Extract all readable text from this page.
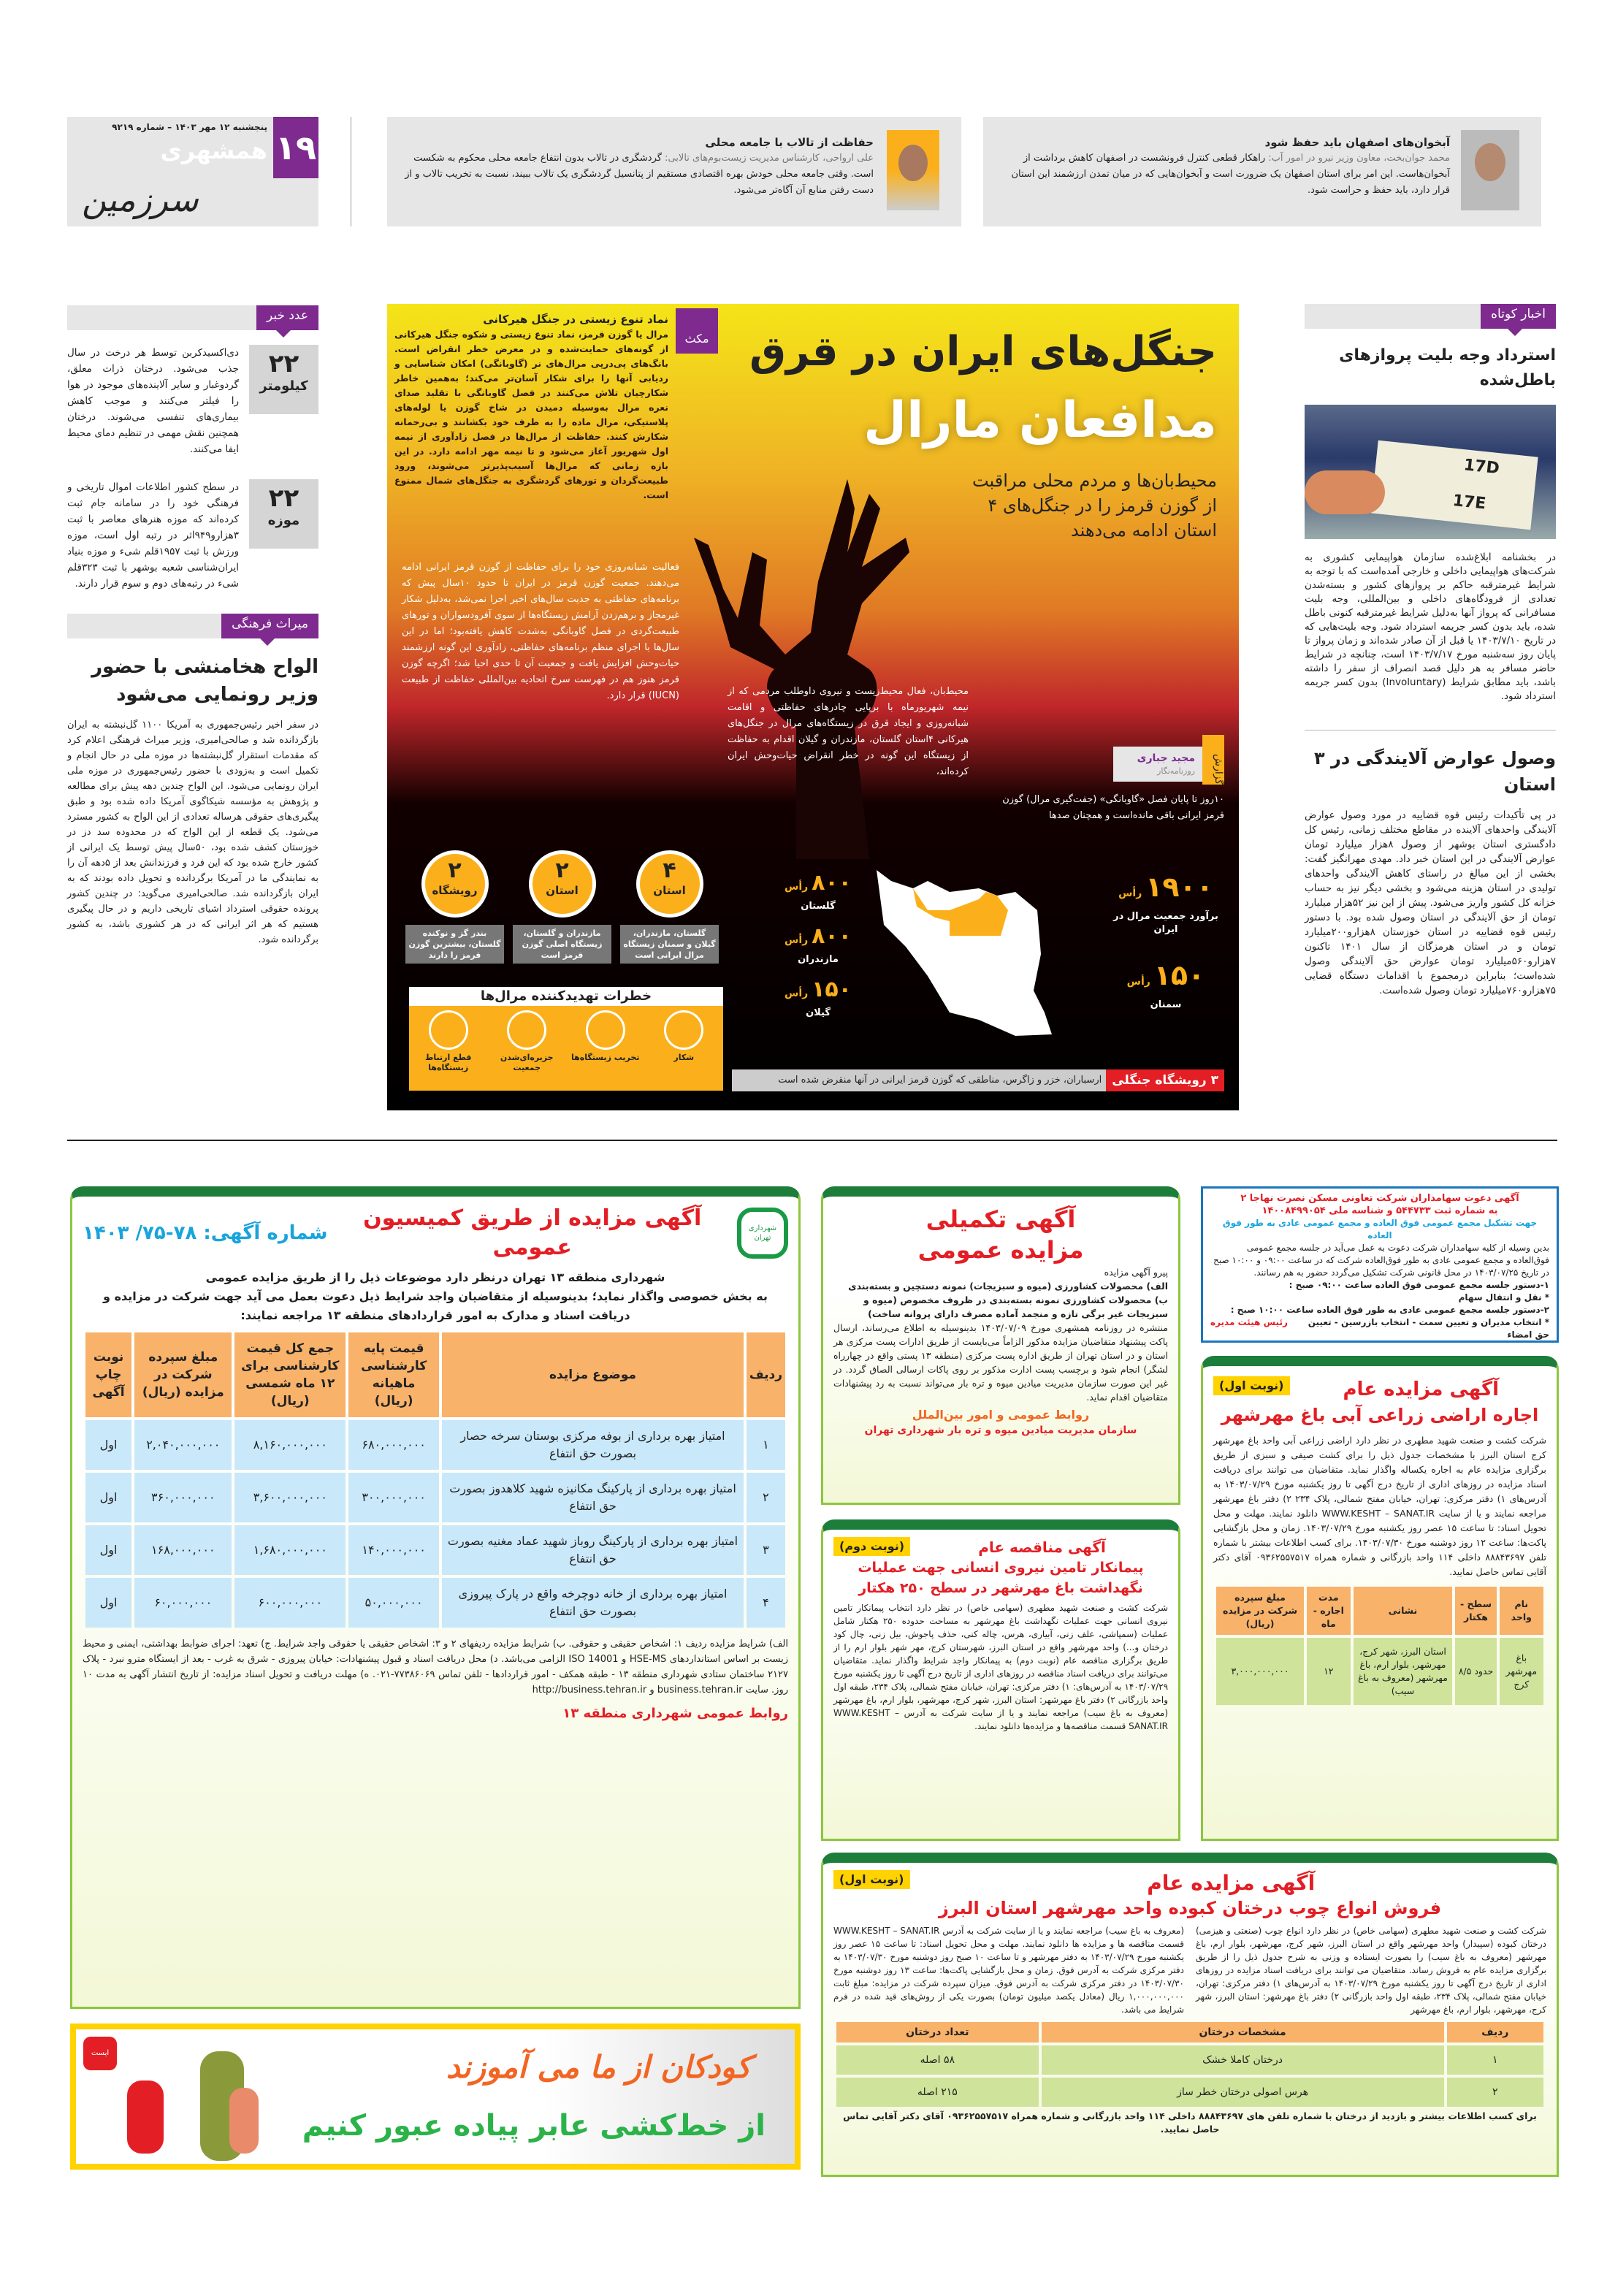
۱۹
پنجشنبه ۱۲ مهر ۱۴۰۳ – شماره ۹۲۱۹
همشهری
سرزمین
حفاظت از تالاب با جامعه محلی
علی ارواحی، کارشناس مدیریت زیست‌بوم‌های تالابی: گردشگری در تالاب بدون انتفاع جامعه محلی محکوم به شکست است. وقتی جامعه محلی خودش بهره اقتصادی مستقیم از پتانسیل گردشگری یک تالاب ببیند، نسبت به تخریب تالاب و از دست رفتن منابع آن آگاه‌تر می‌شود.
آبخوان‌های اصفهان باید حفظ شود
محمد جوان‌بخت، معاون وزیر نیرو در امور آب: راهکار قطعی کنترل فرونشست در اصفهان کاهش برداشت از آبخوان‌هاست. این امر برای استان اصفهان یک ضرورت است و آبخوان‌هایی که در میان تمدن ارزشمند این استان قرار دارد، باید حفظ و حراست شود.
عدد خبر
۲۲
کیلومتر
دی‌اکسیدکربن توسط هر درخت در سال جذب می‌شود. درختان ذرات معلق، گردوغبار و سایر آلاینده‌های موجود در هوا را فیلتر می‌کنند و موجب کاهش بیماری‌های تنفسی می‌شوند. درختان همچنین نقش مهمی در تنظیم دمای محیط ایفا می‌کنند.
۲۲
موزه
در سطح کشور اطلاعات اموال تاریخی و فرهنگی خود را در سامانه جام ثبت کرده‌اند که موزه هنرهای معاصر با ثبت ۳هزارو۹۴۹اثر در رتبه اول است، موزه ورزش با ثبت ۱۹۵۷قلم شیء و موزه بنیاد ایران‌شناسی شعبه بوشهر با ثبت ۳۲۳قلم شیء در رتبه‌های دوم و سوم قرار دارند.
میراث فرهنگی
الواح هخامنشی با حضور وزیر رونمایی می‌شود
در سفر اخیر رئیس‌جمهوری به آمریکا ۱۱۰۰ گل‌نبشته به ایران بازگردانده شد و صالحی‌امیری، وزیر میراث فرهنگی اعلام کرد که مقدمات استقرار گل‌نبشته‌ها در موزه ملی در حال انجام و تکمیل است و به‌زودی با حضور رئیس‌جمهوری در موزه ملی ایران رونمایی می‌شود. این الواح چندین دهه پیش برای مطالعه و پژوهش به مؤسسه شیکاگوی آمریکا داده شده بود و طبق پیگیری‌های حقوقی هرساله تعدادی از این الواح به کشور مسترد می‌شود. یک قطعه از این الواح که در محدوده سد دز در خوزستان کشف شده بود، ۵۰سال پیش توسط یک ایرانی از کشور خارج شده بود که این فرد و فرزندانش بعد از ۵دهه آن را به نمایندگی ما در آمریکا برگردانده و تحویل داده بودند که به ایران بازگردانده شد. صالحی‌امیری می‌گوید: در چندین کشور پرونده حقوقی استرداد اشیای تاریخی داریم و در حال پیگیری هستیم که هر اثر ایرانی که در هر کشوری باشد، به کشور برگردانده شود.
جنگل‌های ایران در قرق
مدافعان مارال
محیط‌بان‌ها و مردم محلی مراقبت از گوزن قرمز را در جنگل‌های ۴ استان ادامه می‌دهند
مکث
نماد تنوع زیستی در جنگل هیرکانی
مرال یا گوزن قرمز، نماد تنوع زیستی و شکوه جنگل هیرکانی از گونه‌های حمایت‌شده و در معرض خطر انقراض است. بانگ‌های پی‌درپی مرال‌های نر (گاوبانگی) امکان شناسایی و ردیابی آنها را برای شکار آسان‌تر می‌کند؛ به‌همین خاطر شکارچیان تلاش می‌کنند در فصل گاوبانگی با تقلید صدای نعره مرال به‌وسیله دمیدن در شاخ گوزن یا لوله‌های پلاستیکی، مرال ماده را به طرف خود بکشانند و بی‌رحمانه شکارش کنند. حفاظت از مرال‌ها در فصل زادآوری از نیمه اول شهریور آغاز می‌شود و تا نیمه مهر ادامه دارد. در این بازه زمانی که مرال‌ها آسیب‌پذیرتر می‌شوند، ورود طبیعت‌گردان و تورهای گردشگری به جنگل‌های شمال ممنوع است.
گزارش
مجید جباری
روزنامه‌نگار
۱۰روز تا پایان فصل «گاوبانگی» (جفت‌گیری مرال) گوزن قرمز ایرانی باقی مانده‌است و همچنان صدها
محیط‌بان، فعال محیط‌زیست و نیروی داوطلب مردمی که از نیمه شهریورماه با برپایی چادرهای حفاظتی و اقامت شبانه‌روزی و ایجاد قرق در زیستگاه‌های مرال در جنگل‌های هیرکانی ۴استان گلستان، مازندران و گیلان اقدام به حفاظت از زیستگاه این گونه در خطر انقراض حیات‌وحش ایران کرده‌اند،
فعالیت شبانه‌روزی خود را برای حفاظت از گوزن قرمز ایرانی ادامه می‌دهند. جمعیت گوزن قرمز در ایران تا حدود ۱۰سال پیش که برنامه‌های حفاظتی به جدیت سال‌های اخیر اجرا نمی‌شد، به‌دلیل شکار غیرمجاز و برهم‌زدن آرامش زیستگاه‌ها از سوی آفرودسواران و تورهای طبیعت‌گردی در فصل گاوبانگی به‌شدت کاهش یافته‌بود؛ اما در این سال‌ها با اجرای منظم برنامه‌های حفاظتی، زادآوری این گونه ارزشمند حیات‌وحش افزایش یافت و جمعیت آن تا حدی احیا شد؛ اگرچه گوزن قرمز هنوز هم در فهرست سرخ اتحادیه بین‌المللی حفاظت از طبیعت (IUCN) قرار دارد.
۴
استان
گلستان، مازندران، گیلان و سمنان زیستگاه مرال ایرانی است
۲
استان
مازندران و گلستان، زیستگاه اصلی گوزن قرمز است
۲
رویشگاه
بندر گز و نوکنده گلستان، بیشترین گوزن قرمز را دارند
خطرات تهدیدکننده مرال‌ها
شکار
تخریب زیستگاه‌ها
جزیره‌ای‌شدن جمعیت
قطع ارتباط زیستگاه‌ها
۱۹۰۰ رأس
برآورد جمعیت مرال در ایران
۱۵۰ رأس
سمنان
۸۰۰ رأس
گلستان
۸۰۰ رأس
مازندران
۱۵۰ رأس
گیلان
۳ رویشگاه جنگلی
ارسباران، خزر و زاگرس، مناطقی که گوزن قرمز ایرانی در آنها منقرض شده است
اخبار کوتاه
استرداد وجه بلیت پروازهای باطل‌شده
17D
17E
در بخشنامه ابلاغ‌شده سازمان هواپیمایی کشوری به شرکت‌های هواپیمایی داخلی و خارجی آمده‌است که با توجه به شرایط غیرمترقبه حاکم بر پروازهای کشور و بسته‌شدن تعدادی از فرودگاه‌های داخلی و بین‌المللی، وجه بلیت مسافرانی که پرواز آنها به‌دلیل شرایط غیرمترقبه کنونی باطل شده، باید بدون کسر جریمه استرداد شود. وجه بلیت‌هایی که در تاریخ ۱۴۰۳/۷/۱۰ یا قبل از آن صادر شده‌اند و زمان پرواز تا پایان روز سه‌شنبه مورخ ۱۴۰۳/۷/۱۷ است، چنانچه در شرایط حاضر مسافر به هر دلیل قصد انصراف از سفر را داشته باشد، باید مطابق شرایط (Involuntary) بدون کسر جریمه استرداد شود.
وصول عوارض آلایندگی در ۳ استان
در پی تأکیدات رئیس قوه قضاییه در مورد وصول عوارض آلایندگی واحدهای آلاینده در مقاطع مختلف زمانی، رئیس کل دادگستری استان بوشهر از وصول ۸هزار میلیارد تومان عوارض آلایندگی در این استان خبر داد. مهدی مهرانگیز گفت: بخشی از این مبالغ در راستای کاهش آلایندگی واحدهای تولیدی در استان هزینه می‌شود و بخشی دیگر نیز به حساب خزانه کل کشور واریز می‌شود. پیش از این نیز ۵۲هزار میلیارد تومان از حق آلایندگی در استان وصول شده بود. با دستور رئیس قوه قضاییه در استان خوزستان ۸هزارو۲۰۰میلیارد تومان و در استان هرمزگان از سال ۱۴۰۱ تاکنون ۷هزارو۵۶۰میلیارد تومان عوارض حق آلایندگی وصول شده‌است؛ بنابراین درمجموع با اقدامات دستگاه قضایی ۷۵هزارو۷۶۰میلیارد تومان وصول شده‌است.
شهرداری تهران
آگهی مزایده از طریق کمیسیون عمومی
شماره آگهی: ۷۸-۷۵/ ۱۴۰۳
شهرداری منطقه ۱۳ تهران درنظر دارد موضوعات ذیل را از طریق مزایده عمومی
به بخش خصوصی واگذار نماید؛ بدینوسیله از متقاضیان واجد شرایط ذیل دعوت بعمل می آید جهت شرکت در مزایده و دریافت اسناد و مدارک به امور قراردادهای منطقه ۱۳ مراجعه نمایند:
ردیف	موضوع مزایده	قیمت پایه کارشناسی ماهیانه (ریال)	جمع کل قیمت کارشناسی برای ۱۲ ماه شمسی (ریال)	مبلغ سپرده شرکت در مزایده (ریال)	نوبت چاپ آگهی
۱	امتیاز بهره برداری از بوفه مرکزی بوستان سرخه حصار بصورت حق انتفاع	۶۸۰,۰۰۰,۰۰۰	۸,۱۶۰,۰۰۰,۰۰۰	۲,۰۴۰,۰۰۰,۰۰۰	اول
۲	امتیاز بهره برداری از پارکینگ مکانیزه شهید کلاهدوز بصورت حق انتفاع	۳۰۰,۰۰۰,۰۰۰	۳,۶۰۰,۰۰۰,۰۰۰	۳۶۰,۰۰۰,۰۰۰	اول
۳	امتیاز بهره برداری از پارکینگ روباز شهید عماد مغنیه بصورت حق انتفاع	۱۴۰,۰۰۰,۰۰۰	۱,۶۸۰,۰۰۰,۰۰۰	۱۶۸,۰۰۰,۰۰۰	اول
۴	امتیاز بهره برداری از خانه دوچرخه واقع در پارک پیروزی بصورت حق انتفاع	۵۰,۰۰۰,۰۰۰	۶۰۰,۰۰۰,۰۰۰	۶۰,۰۰۰,۰۰۰	اول
الف) شرایط مزایده ردیف ۱: اشخاص حقیقی و حقوقی. ب) شرایط مزایده ردیفهای ۲ و ۳: اشخاص حقیقی یا حقوقی واجد شرایط. ج) تعهد: اجرای ضوابط بهداشتی، ایمنی و محیط زیست بر اساس استانداردهای HSE-MS و ISO 14001 الزامی می‌باشد. د) محل دریافت اسناد و قبول پیشنهادات: خیابان پیروزی - شرق به غرب - بعد از ایستگاه مترو نبرد - پلاک ۲۱۲۷ ساختمان ستادی شهرداری منطقه ۱۳ - طبقه همکف - امور قراردادها - تلفن تماس ۷۷۳۸۶۰۶۹-۰۲۱. ه) مهلت دریافت و تحویل اسناد مزایده: از تاریخ انتشار آگهی به مدت ۱۰ روز. سایت business.tehran.ir و http://business.tehran.ir
روابط عمومی شهرداری منطقه ۱۳
ایست	کودکان از ما می آموزند
از خط‌کشی عابر پیاده عبور کنیم
آگهی تکمیلی
مزایده عمومی
پیرو آگهی مزایده
الف) محصولات کشاورزی (میوه و سبزیجات) نمونه دستچین و بسته‌بندی
ب) محصولات کشاورزی نمونه بسته‌بندی در ظروف مخصوص (میوه و سبزیجات غیر برگی تازه و منجمد آماده مصرف دارای پروانه ساخت)
منتشره در روزنامه همشهری مورخ ۱۴۰۳/۰۷/۰۹ بدینوسیله به اطلاع می‌رساند، ارسال پاکت پیشنهاد متقاضیان مزایده مذکور الزاماً می‌بایست از طریق ادارات پست مرکزی هر استان و در استان تهران از طریق اداره پست مرکزی (منطقه ۱۳ پستی واقع در چهارراه لشگر) انجام شود و برچسب پست ادارت مذکور بر روی پاکات ارسالی الصاق گردد. در غیر این صورت سازمان مدیریت میادین میوه و تره بار می‌تواند نسبت به رد پیشنهادات متقاضیان اقدام نماید.
روابط عمومی و امور بین‌الملل
سازمان مدیریت میادین میوه و تره بار شهرداری تهران
آگهی مناقصه عام
(نوبت دوم)
پیمانکار تامین نیروی انسانی جهت عملیات نگهداشت باغ مهرشهر در سطح ۲۵۰ هکتار
شرکت کشت و صنعت شهید مطهری (سهامی خاص) در نظر دارد انتخاب پیمانکار تامین نیروی انسانی جهت عملیات نگهداشت باغ مهرشهر به مساحت حدوده ۲۵۰ هکتار شامل عملیات (سمپاشی، علف زنی، آبیاری، هرس، چاله کنی، حذف پاجوش، بیل زنی، چال کود درختان و...) واحد مهرشهر واقع در استان البرز، شهرستان کرج، مهر شهر بلوار ارم را از طریق برگزاری مناقصه عام (نوبت دوم) به پیمانکار واجد شرایط واگذار نماید. متقاضیان می‌توانند برای دریافت اسناد مناقصه در روزهای اداری از تاریخ درج آگهی تا روز یکشنبه مورخ ۱۴۰۳/۰۷/۲۹ به آدرس‌های: ۱) دفتر مرکزی: تهران، خیابان مفتح شمالی، پلاک ۲۳۴، طبقه اول واحد بازرگانی ۲) دفتر باغ مهرشهر: استان البرز، شهر کرج، مهرشهر، بلوار ارم، باغ مهرشهر (معروف به باغ سیب) مراجعه نمایند و یا از سایت شرکت به آدرس WWW.KESHT – SANAT.IR قسمت مناقصه‌ها و مزایده‌ها دانلود نمایند.
آگهی دعوت سهامداران شرکت تعاونی مسکن نصرت نهاجا ۲
به شماره ثبت ۵۴۴۷۳۳ و شناسه ملی ۱۴۰۰۸۴۹۹۰۵۴
جهت تشکیل مجمع عمومی فوق العاده و مجمع عمومی عادی به طور فوق العاده
بدین وسیله از کلیه سهامداران شرکت دعوت به عمل می‌آید در جلسه مجمع عمومی فوق‌العاده و مجمع عمومی عادی به طور فوق‌العاده شرکت که در ساعت ۰۹:۰۰ و ۱۰:۰۰ صبح در تاریخ ۱۴۰۳/۰۷/۲۵ در محل قانونی شرکت تشکیل می‌گردد حضور به هم رسانند.
۱-دستور جلسه مجمع عمومی فوق العاده ساعت ۰۹:۰۰ صبح :
* نقل و انتقال سهام
۲-دستور جلسه مجمع عمومی عادی به طور فوق العاده ساعت ۱۰:۰۰ صبح :
* انتخاب مدیران و تعیین سمت - انتخاب بازرسین - تعیین حق امضاء
رئیس هیئت مدیره
آگهی مزایده عام
(نوبت اول)
اجاره اراضی زراعی آبی باغ مهرشهر
شرکت کشت و صنعت شهید مطهری در نظر دارد اراضی زراعی آبی واحد باغ مهرشهر کرج استان البرز با مشخصات جدول ذیل را برای کشت صیفی و سبزی از طریق برگزاری مزایده عام به اجاره یکساله واگذار نماید. متقاضیان می توانند برای دریافت اسناد مزایده در روزهای اداری از تاریخ درج آگهی تا روز یکشنبه مورخ ۱۴۰۳/۰۷/۲۹ به آدرس‌های ۱) دفتر مرکزی: تهران، خیابان مفتح شمالی، پلاک ۲۳۴ ۲) دفتر باغ مهرشهر مراجعه نمایند و یا از سایت WWW.KESHT – SANAT.IR دانلود نمایند. مهلت و محل تحویل اسناد: تا ساعت ۱۵ عصر روز یکشنبه مورخ ۱۴۰۳/۰۷/۲۹. زمان و محل بازگشایی پاکت‌ها: ساعت ۱۲ روز دوشنبه مورخ ۱۴۰۳/۰۷/۳۰. برای کسب اطلاعات بیشتر با شماره تلفن ۸۸۸۴۳۶۹۷ داخلی ۱۱۴ واحد بازرگانی و شماره همراه ۰۹۳۶۲۵۵۷۵۱۷ آقای دکتر آقایی تماس حاصل نمایید.
نام واحد	سطح - هکتار	نشانی	مدت اجاره - ماه	مبلغ سپرده شرکت در مزایده (ریال)
باغ مهرشهر کرج	حدود ۸/۵	استان البرز، شهر کرج، مهرشهر، بلوار ارم، باغ مهرشهر (معروف به باغ سیب)	۱۲	۳,۰۰۰,۰۰۰,۰۰۰
آگهی مزایده عام
(نوبت اول)
فروش انواع چوب درختان کبوده واحد مهرشهر استان البرز
شرکت کشت و صنعت شهید مطهری (سهامی خاص) در نظر دارد انواع چوب (صنعتی و هیزمی) درختان کبوده (سپیدار) واحد مهرشهر واقع در استان البرز، شهر کرج، مهرشهر، بلوار ارم، باغ مهرشهر (معروف به باغ سیب) را بصورت ایستاده و وزنی به شرح جدول ذیل را از طریق برگزاری مزایده عام به فروش رساند. متقاضیان می توانند برای دریافت اسناد مزایده در روزهای اداری از تاریخ درج آگهی تا روز یکشنبه مورخ ۱۴۰۳/۰۷/۲۹ به آدرس‌های ۱) دفتر مرکزی: تهران، خیابان مفتح شمالی، پلاک ۲۳۴، طبقه اول واحد بازرگانی ۲) دفتر باغ مهرشهر: استان البرز، شهر کرج، مهرشهر، بلوار ارم، باغ مهرشهر
(معروف به باغ سیب) مراجعه نمایند و یا از سایت شرکت به آدرس WWW.KESHT – SANAT.IR قسمت مناقصه ها و مزایده ها دانلود نمایند. مهلت و محل تحویل اسناد: تا ساعت ۱۵ عصر روز یکشنبه مورخ ۱۴۰۳/۰۷/۲۹ به دفتر مهرشهر و تا ساعت ۱۰ صبح روز دوشنبه مورخ ۱۴۰۳/۰۷/۳۰ به دفتر مرکزی شرکت به آدرس فوق. زمان و محل بازگشایی پاکت‌ها: ساعت ۱۳ روز دوشنبه مورخ ۱۴۰۳/۰۷/۳۰ در دفتر مرکزی شرکت به آدرس فوق. میزان سپرده شرکت در مزایده: مبلغ ثابت ۱,۰۰۰,۰۰۰,۰۰۰ ریال (معادل یکصد میلیون تومان) بصورت یکی از روش‌های قید شده در فرم شرایط می باشد.
ردیف	مشخصات درختان	تعداد درختان
۱	درختان کاملا خشک	۵۸ اصله
۲	هرس اصولی درختان خطر ساز	۲۱۵ اصله
برای کسب اطلاعات بیشتر و بازدید از درختان با شماره تلفن های ۸۸۸۴۳۶۹۷ داخلی ۱۱۴ واحد بازرگانی و شماره همراه ۰۹۳۶۲۵۵۷۵۱۷ آقای دکتر آقایی تماس حاصل نمایید.
